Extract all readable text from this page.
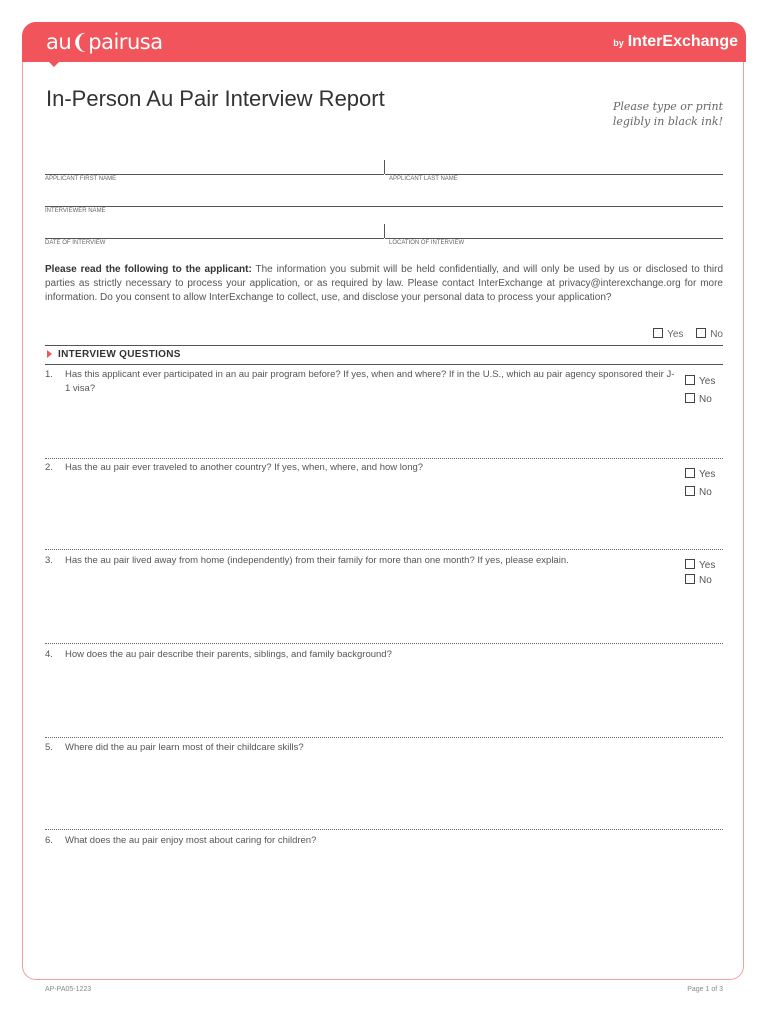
au❨pairusa	by InterExchange
In-Person Au Pair Interview Report	Please type or print
legibly in black ink!
APPLICANT FIRST NAME	APPLICANT LAST NAME
INTERVIEWER NAME
DATE OF INTERVIEW	LOCATION OF INTERVIEW
Please read the following to the applicant: The information you submit will be held confidentially, and will only be used by us or disclosed to third parties as strictly necessary to process your application, or as required by law. Please contact InterExchange at privacy@interexchange.org for more information. Do you consent to allow InterExchange to collect, use, and disclose your personal data to process your application?
Yes	No
INTERVIEW QUESTIONS
1. Has this applicant ever participated in an au pair program before? If yes, when and where? If in the U.S., which au pair agency sponsored their J-1 visa?
Yes
No
2. Has the au pair ever traveled to another country? If yes, when, where, and how long?
Yes
No
3. Has the au pair lived away from home (independently) from their family for more than one month? If yes, please explain.	Yes
No
4. How does the au pair describe their parents, siblings, and family background?
5. Where did the au pair learn most of their childcare skills?
6. What does the au pair enjoy most about caring for children?
AP-PA05-1223	Page 1 of 3
